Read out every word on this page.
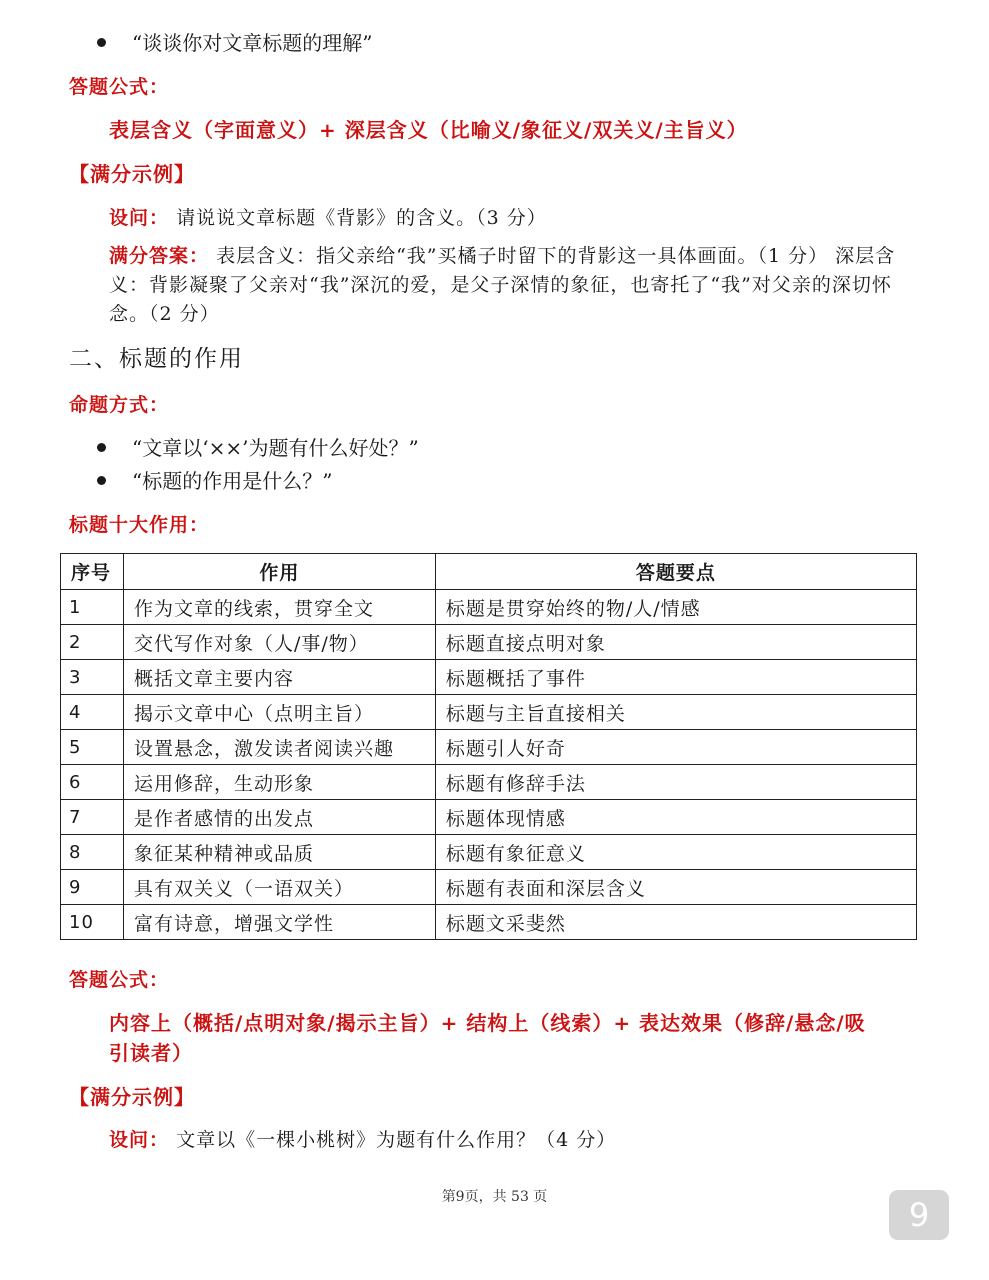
“谈谈你对文章标题的理解”
答题公式：
表层含义（字面意义）+ 深层含义（比喻义/象征义/双关义/主旨义）
【满分示例】
设问： 请说说文章标题《背影》的含义。（3 分）
满分答案： 表层含义：指父亲给“我”买橘子时留下的背影这一具体画面。（1 分） 深层含义：背影凝聚了父亲对“我”深沉的爱，是父子深情的象征，也寄托了“我”对父亲的深切怀念。（2 分）
二、标题的作用
命题方式：
“文章以‘××’为题有什么好处？”
“标题的作用是什么？”
标题十大作用：
序号	作用	答题要点
1	作为文章的线索，贯穿全文	标题是贯穿始终的物/人/情感
2	交代写作对象（人/事/物）	标题直接点明对象
3	概括文章主要内容	标题概括了事件
4	揭示文章中心（点明主旨）	标题与主旨直接相关
5	设置悬念，激发读者阅读兴趣	标题引人好奇
6	运用修辞，生动形象	标题有修辞手法
7	是作者感情的出发点	标题体现情感
8	象征某种精神或品质	标题有象征意义
9	具有双关义（一语双关）	标题有表面和深层含义
10	富有诗意，增强文学性	标题文采斐然
答题公式：
内容上（概括/点明对象/揭示主旨）+ 结构上（线索）+ 表达效果（修辞/悬念/吸引读者）
【满分示例】
设问： 文章以《一棵小桃树》为题有什么作用？（4 分）
第9页，共 53 页	9
